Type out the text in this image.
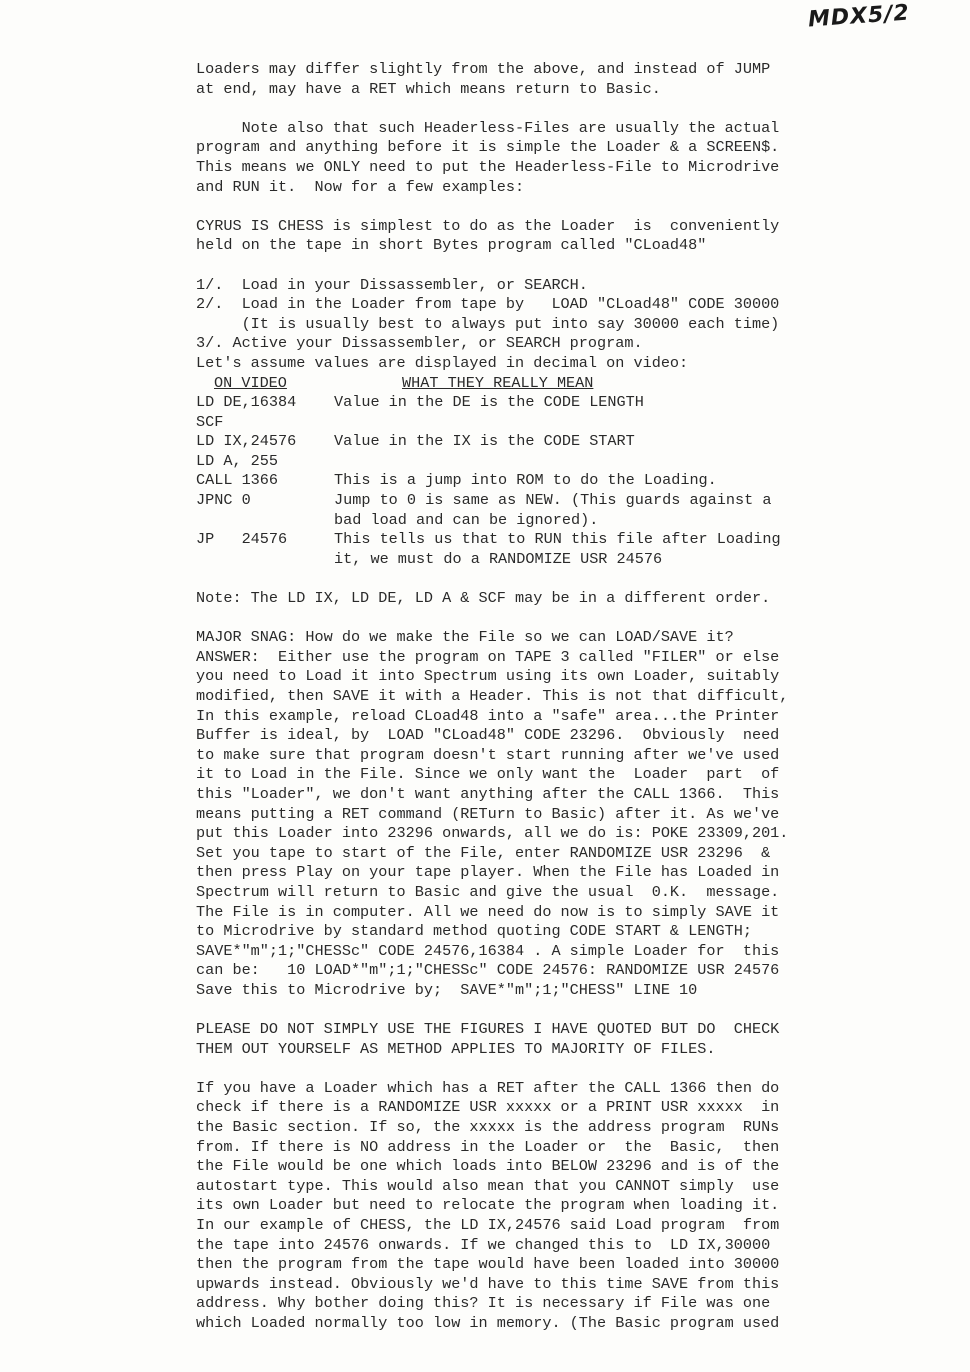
MDX5/2
Loaders may differ slightly from the above, and instead of JUMP
at end, may have a RET which means return to Basic.
Note also that such Headerless-Files are usually the actual
program and anything before it is simple the Loader & a SCREEN$.
This means we ONLY need to put the Headerless-File to Microdrive
and RUN it.  Now for a few examples:
CYRUS IS CHESS is simplest to do as the Loader  is  conveniently
held on the tape in short Bytes program called "CLoad48"
1/.  Load in your Dissassembler, or SEARCH.
2/.  Load in the Loader from tape by   LOAD "CLoad48" CODE 30000
(It is usually best to always put into say 30000 each time)
3/. Active your Dissassembler, or SEARCH program.
Let's assume values are displayed in decimal on video:
ON VIDEO	WHAT THEY REALLY MEAN
LD DE,16384	Value in the DE is the CODE LENGTH
SCF
LD IX,24576	Value in the IX is the CODE START
LD A, 255
CALL 1366	This is a jump into ROM to do the Loading.
JPNC 0	Jump to 0 is same as NEW. (This guards against a
bad load and can be ignored).
JP   24576	This tells us that to RUN this file after Loading
it, we must do a RANDOMIZE USR 24576
Note: The LD IX, LD DE, LD A & SCF may be in a different order.
MAJOR SNAG: How do we make the File so we can LOAD/SAVE it?
ANSWER:  Either use the program on TAPE 3 called "FILER" or else
you need to Load it into Spectrum using its own Loader, suitably
modified, then SAVE it with a Header. This is not that difficult,
In this example, reload CLoad48 into a "safe" area...the Printer
Buffer is ideal, by  LOAD "CLoad48" CODE 23296.  Obviously  need
to make sure that program doesn't start running after we've used
it to Load in the File. Since we only want the  Loader  part  of
this "Loader", we don't want anything after the CALL 1366.  This
means putting a RET command (RETurn to Basic) after it. As we've
put this Loader into 23296 onwards, all we do is: POKE 23309,201.
Set you tape to start of the File, enter RANDOMIZE USR 23296  &
then press Play on your tape player. When the File has Loaded in
Spectrum will return to Basic and give the usual  0.K.  message.
The File is in computer. All we need do now is to simply SAVE it
to Microdrive by standard method quoting CODE START & LENGTH;
SAVE*"m";1;"CHESSc" CODE 24576,16384 . A simple Loader for  this
can be:   10 LOAD*"m";1;"CHESSc" CODE 24576: RANDOMIZE USR 24576
Save this to Microdrive by;  SAVE*"m";1;"CHESS" LINE 10
PLEASE DO NOT SIMPLY USE THE FIGURES I HAVE QUOTED BUT DO  CHECK
THEM OUT YOURSELF AS METHOD APPLIES TO MAJORITY OF FILES.
If you have a Loader which has a RET after the CALL 1366 then do
check if there is a RANDOMIZE USR xxxxx or a PRINT USR xxxxx  in
the Basic section. If so, the xxxxx is the address program  RUNs
from. If there is NO address in the Loader or  the  Basic,  then
the File would be one which loads into BELOW 23296 and is of the
autostart type. This would also mean that you CANNOT simply  use
its own Loader but need to relocate the program when loading it.
In our example of CHESS, the LD IX,24576 said Load program  from
the tape into 24576 onwards. If we changed this to  LD IX,30000
then the program from the tape would have been loaded into 30000
upwards instead. Obviously we'd have to this time SAVE from this
address. Why bother doing this? It is necessary if File was one
which Loaded normally too low in memory. (The Basic program used
